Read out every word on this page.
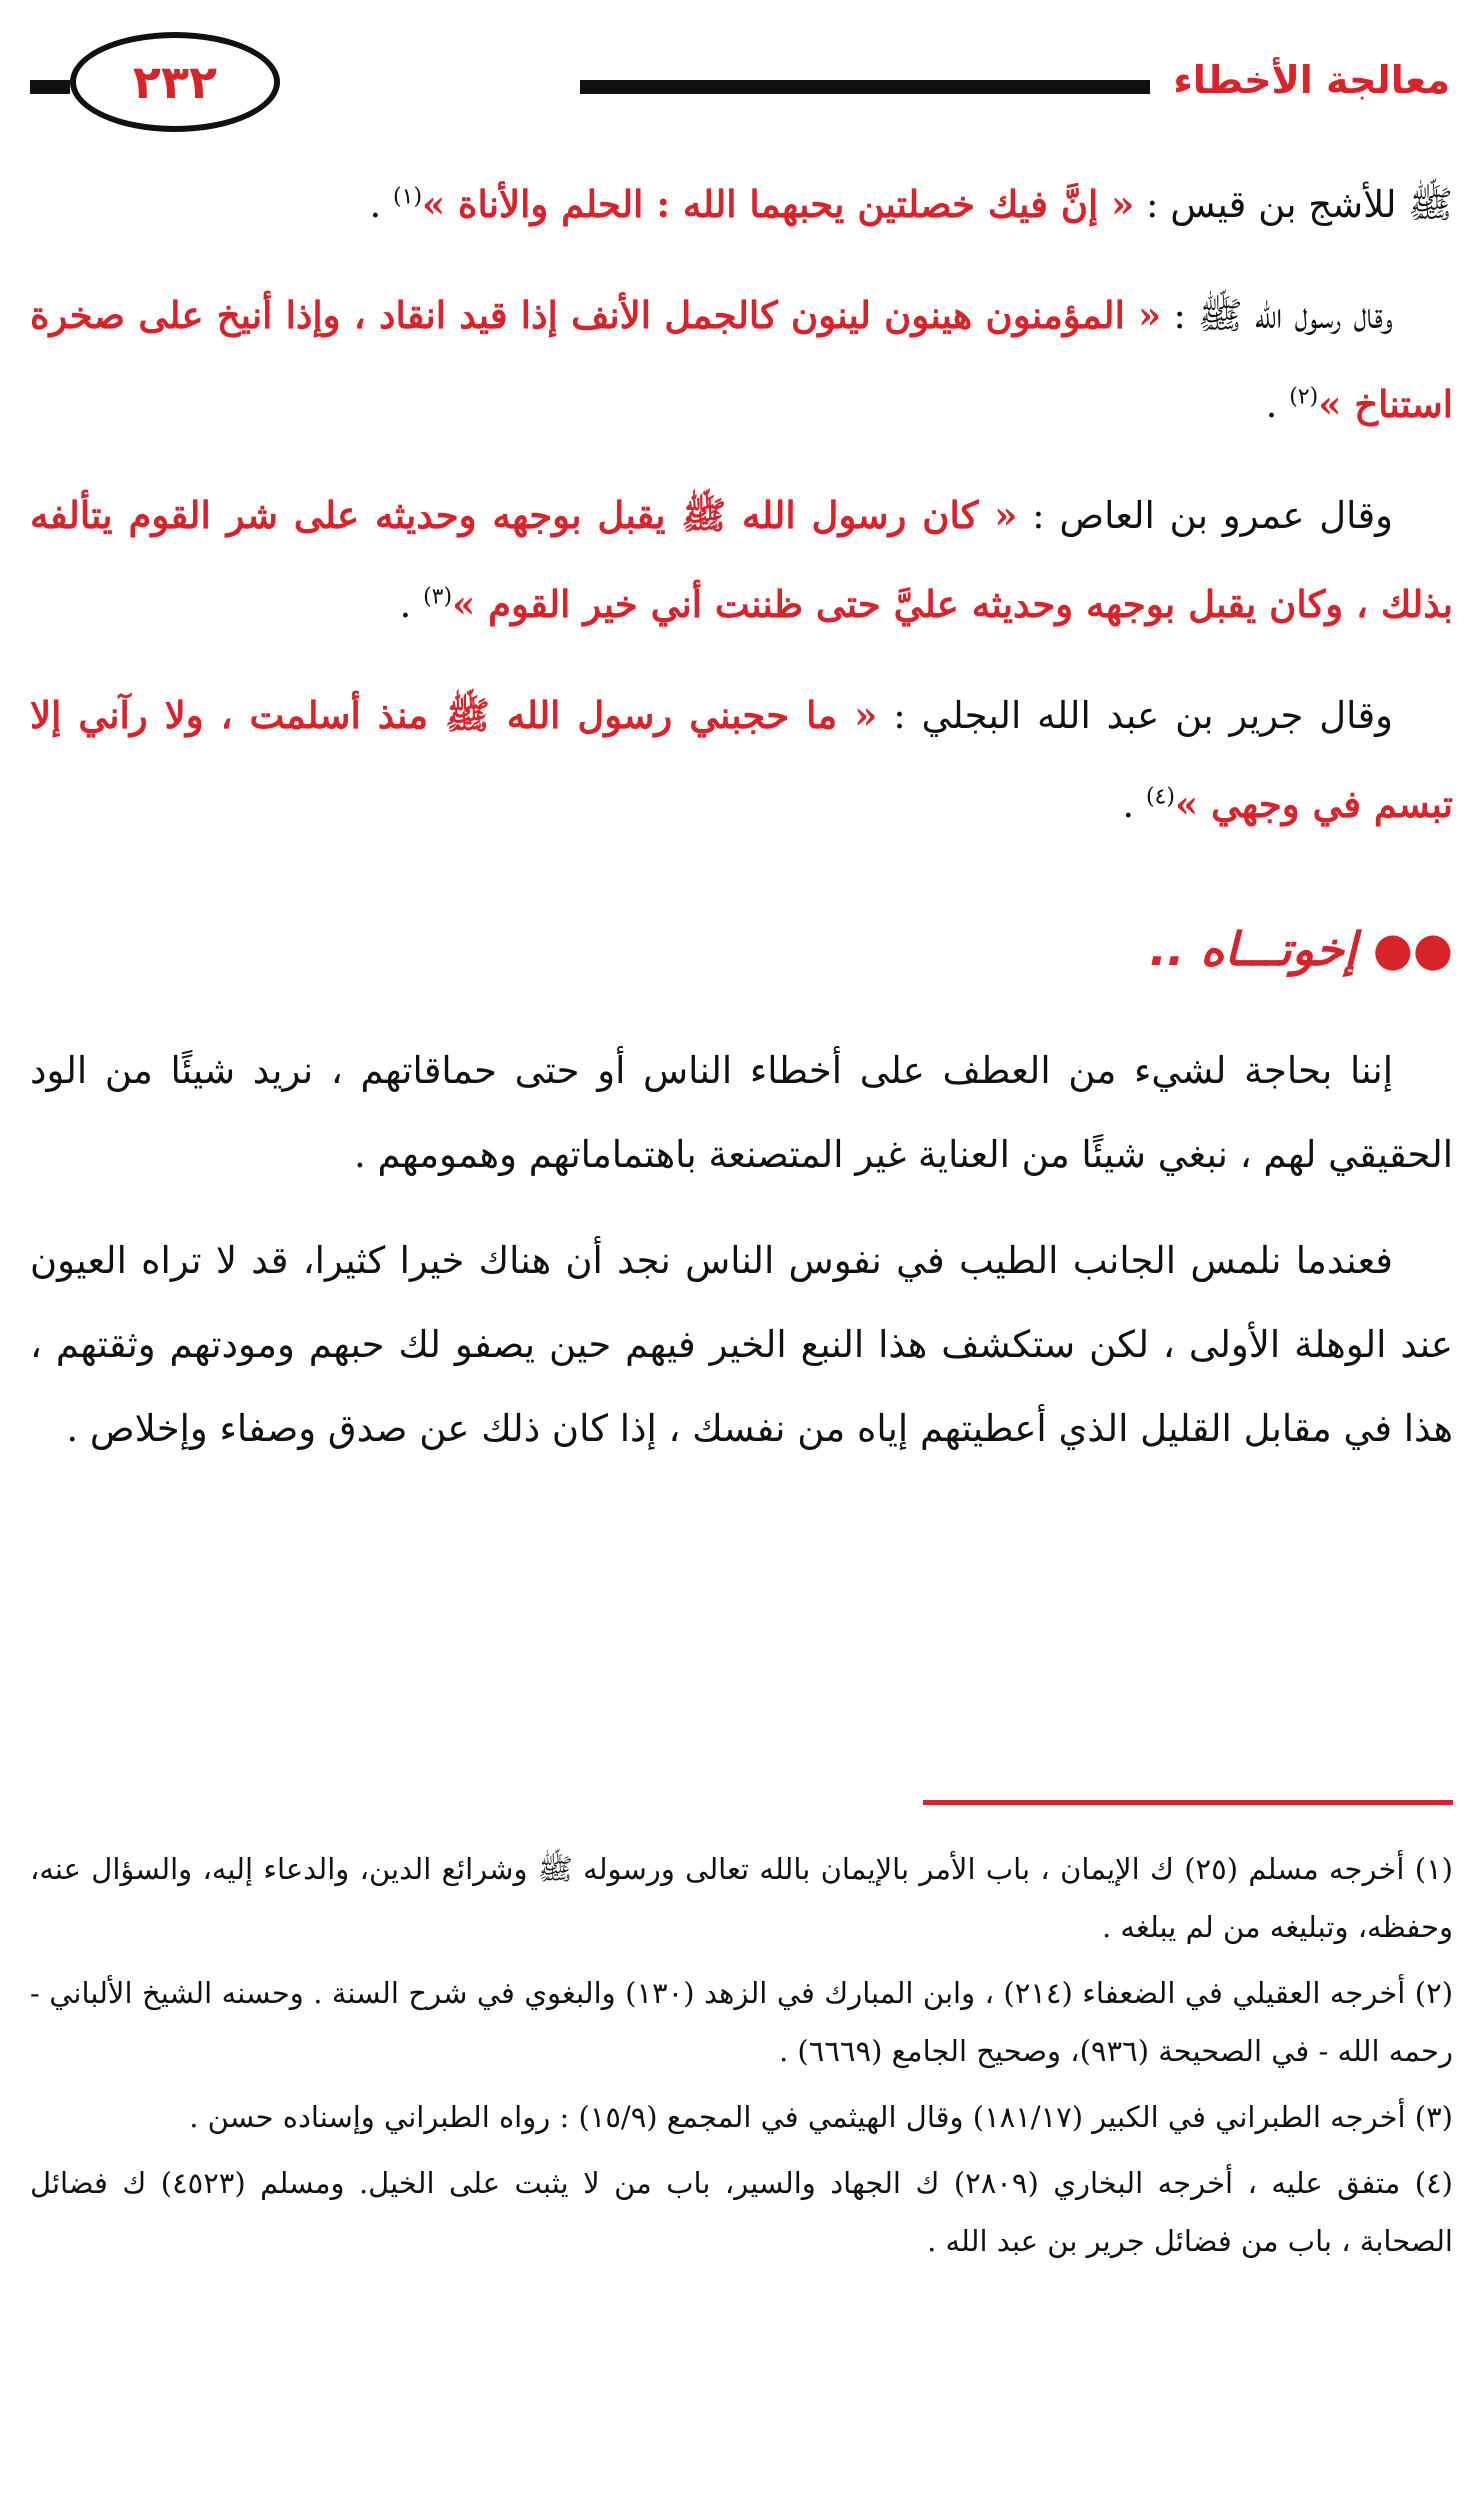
معالجة الأخطاء
٢٣٢

ﷺ للأشج بن قيس : « إنَّ فيك خصلتين يحبهما الله : الحلم والأناة »$^{(١)}$ .

وقال رسول الله ﷺ : « المؤمنون هينون لينون كالجمل الأنف إذا قيد انقاد ، وإذا أنيخ على صخرة استناخ »$^{(٢)}$ .

وقال عمرو بن العاص : « كان رسول الله ﷺ يقبل بوجهه وحديثه على شر القوم يتألفه بذلك ، وكان يقبل بوجهه وحديثه عليَّ حتى ظننت أني خير القوم »$^{(٣)}$ .

وقال جرير بن عبد الله البجلي : « ما حجبني رسول الله ﷺ منذ أسلمت ، ولا رآني إلا تبسم في وجهي »$^{(٤)}$ .

●● إخوتـــاه ..

إننا بحاجة لشيء من العطف على أخطاء الناس أو حتى حماقاتهم ، نريد شيئًا من الود الحقيقي لهم ، نبغي شيئًا من العناية غير المتصنعة باهتماماتهم وهمومهم .

فعندما نلمس الجانب الطيب في نفوس الناس نجد أن هناك خيرا كثيرا، قد لا تراه العيون عند الوهلة الأولى ، لكن ستكشف هذا النبع الخير فيهم حين يصفو لك حبهم ومودتهم وثقتهم ، هذا في مقابل القليل الذي أعطيتهم إياه من نفسك ، إذا كان ذلك عن صدق وصفاء وإخلاص .

(١) أخرجه مسلم (٢٥) ك الإيمان ، باب الأمر بالإيمان بالله تعالى ورسوله ﷺ وشرائع الدين، والدعاء إليه، والسؤال عنه، وحفظه، وتبليغه من لم يبلغه .

(٢) أخرجه العقيلي في الضعفاء (٢١٤) ، وابن المبارك في الزهد (١٣٠) والبغوي في شرح السنة . وحسنه الشيخ الألباني - رحمه الله - في الصحيحة (٩٣٦)، وصحيح الجامع (٦٦٦٩) .

(٣) أخرجه الطبراني في الكبير (١٨١/١٧) وقال الهيثمي في المجمع (١٥/٩) : رواه الطبراني وإسناده حسن .

(٤) متفق عليه ، أخرجه البخاري (٢٨٠٩) ك الجهاد والسير، باب من لا يثبت على الخيل. ومسلم (٤٥٢٣) ك فضائل الصحابة ، باب من فضائل جرير بن عبد الله .
